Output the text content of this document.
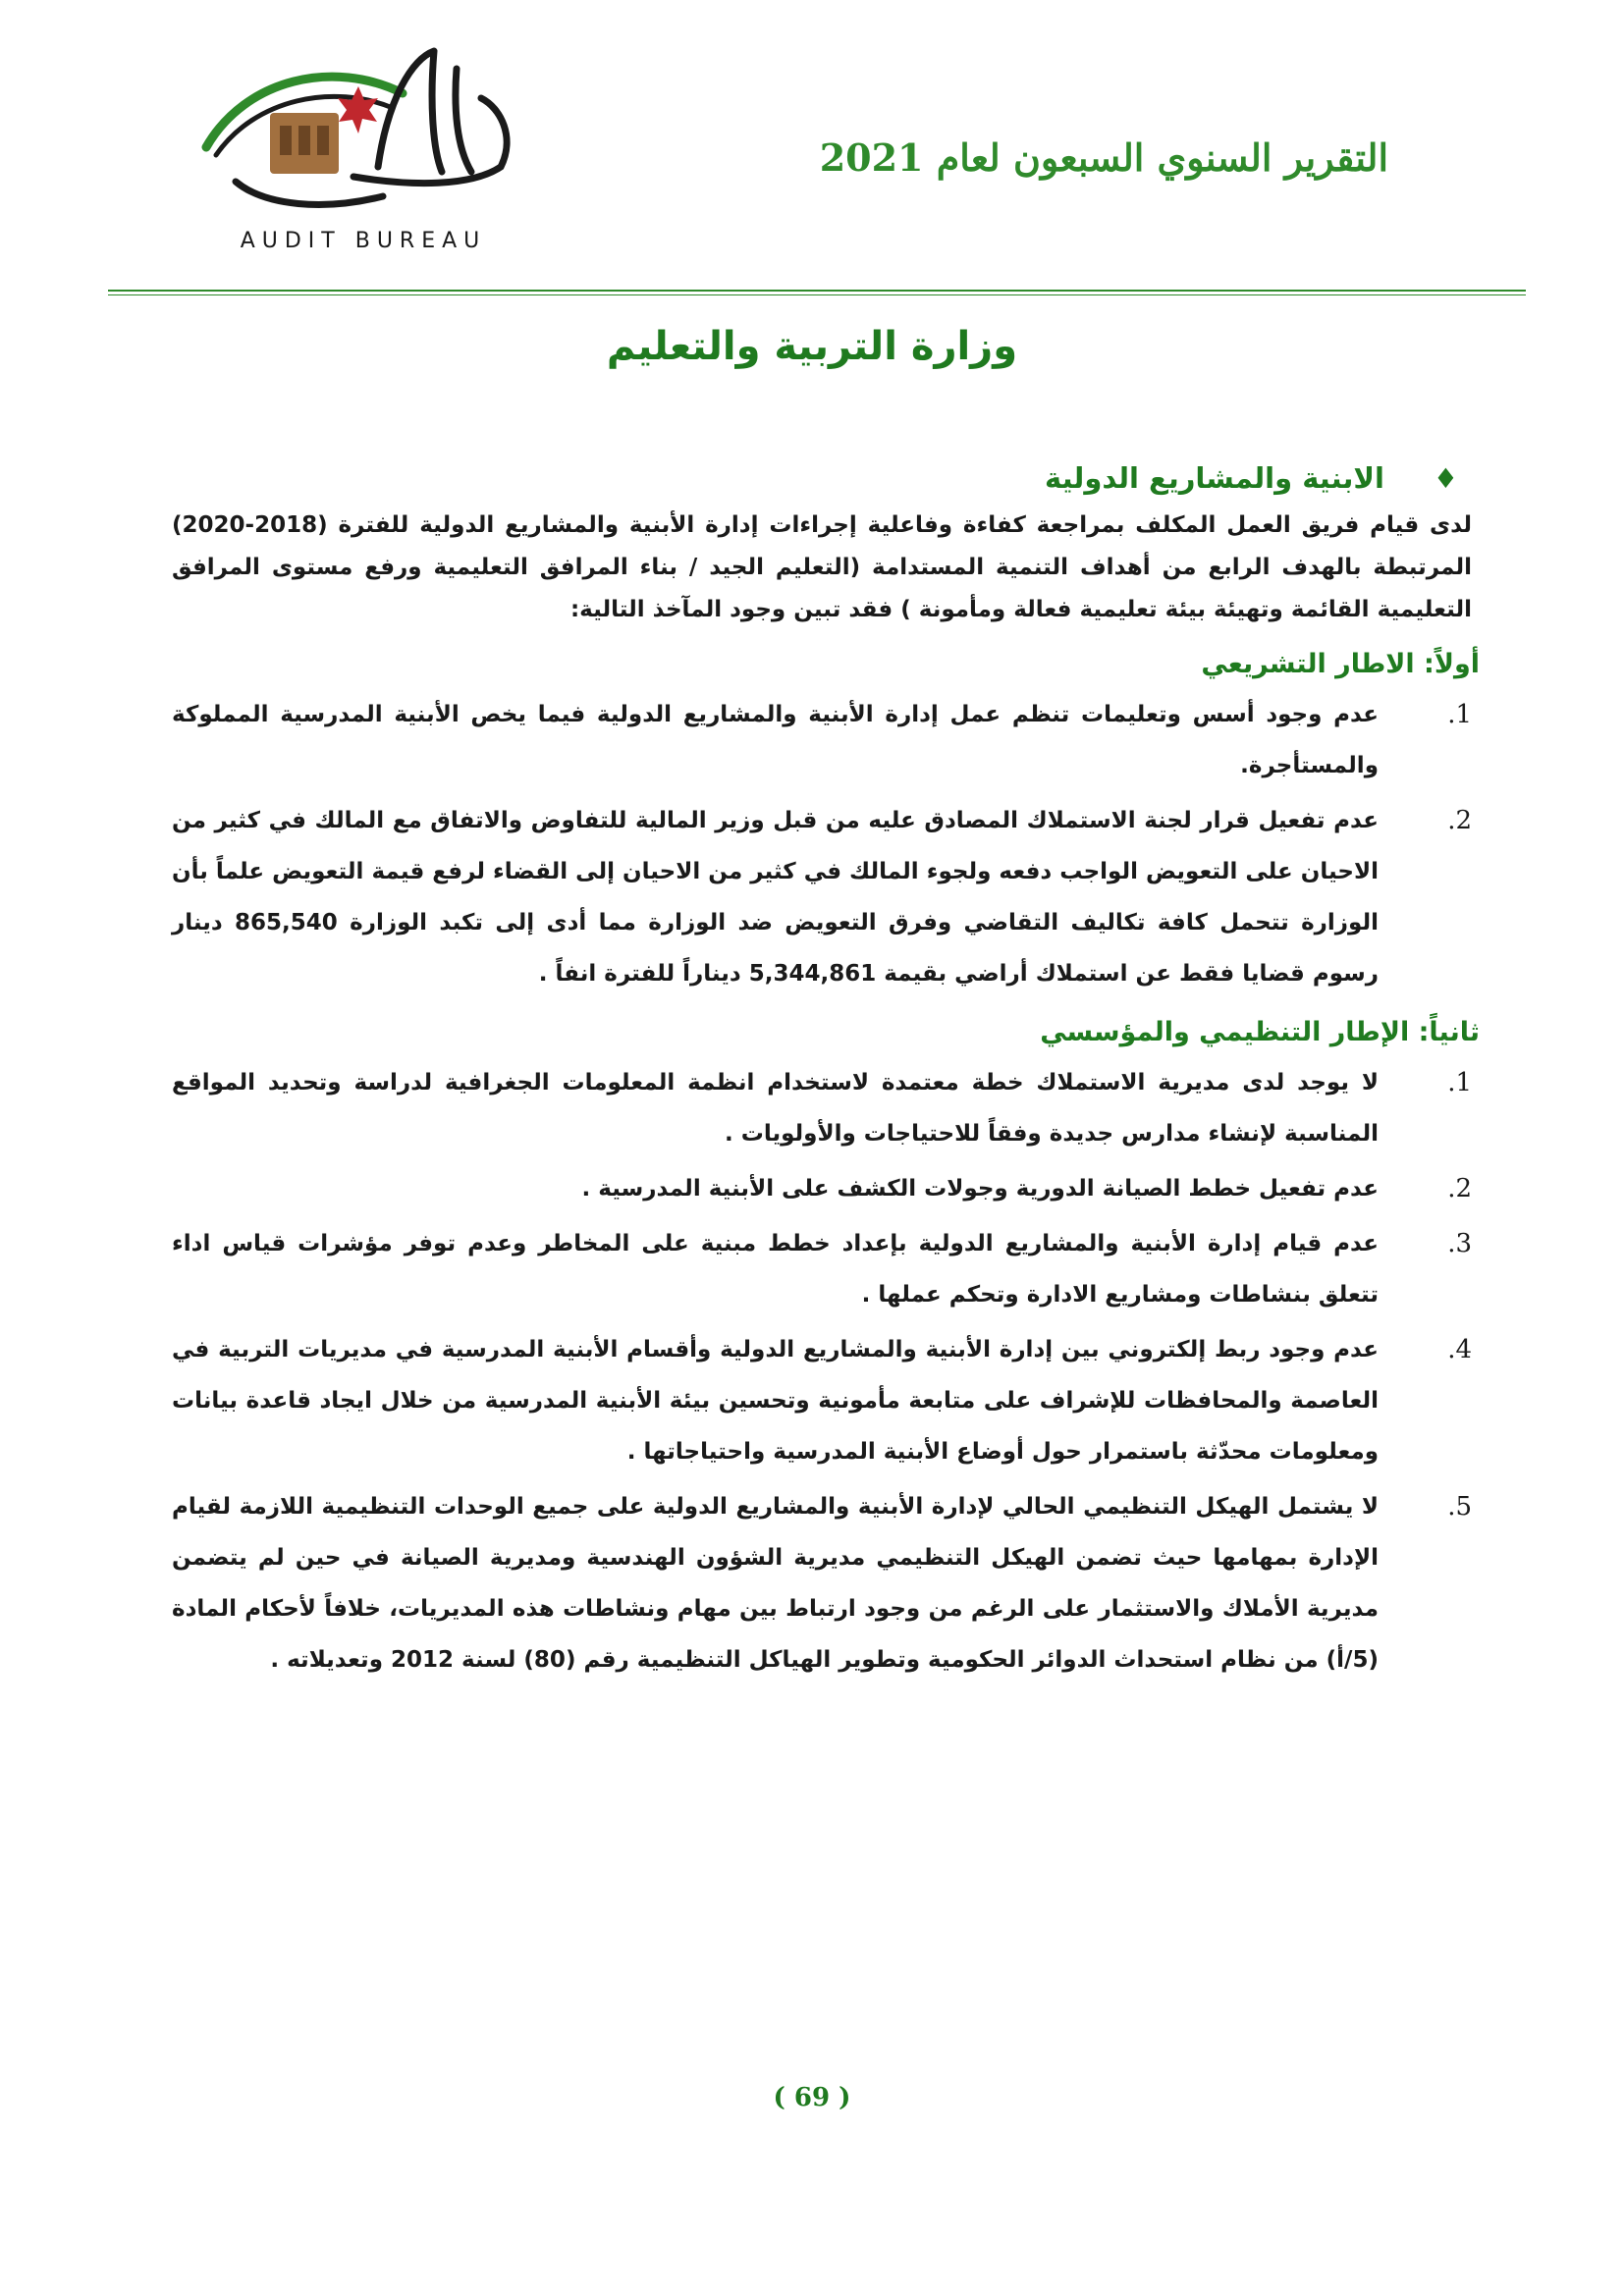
AUDIT BUREAU
التقرير السنوي السبعون لعام 2021
وزارة التربية والتعليم
♦
الابنية والمشاريع الدولية

لدى قيام فريق العمل المكلف بمراجعة كفاءة وفاعلية إجراءات إدارة الأبنية والمشاريع الدولية للفترة (2018-2020) المرتبطة بالهدف الرابع من أهداف التنمية المستدامة (التعليم الجيد / بناء المرافق التعليمية ورفع مستوى المرافق التعليمية القائمة وتهيئة بيئة تعليمية فعالة ومأمونة ) فقد تبين وجود المآخذ التالية:

أولاً: الاطار التشريعي
1.
عدم وجود أسس وتعليمات تنظم عمل إدارة الأبنية والمشاريع الدولية فيما يخص الأبنية المدرسية المملوكة والمستأجرة.
2.
عدم تفعيل قرار لجنة الاستملاك المصادق عليه من قبل وزير المالية للتفاوض والاتفاق مع المالك في كثير من الاحيان على التعويض الواجب دفعه ولجوء المالك في كثير من الاحيان إلى القضاء لرفع قيمة التعويض علماً بأن الوزارة تتحمل كافة تكاليف التقاضي وفرق التعويض ضد الوزارة مما أدى إلى تكبد الوزارة 865,540 دينار رسوم قضايا فقط عن استملاك أراضي بقيمة 5,344,861 ديناراً للفترة انفاً .
ثانياً: الإطار التنظيمي والمؤسسي
1.
لا يوجد لدى مديرية الاستملاك خطة معتمدة لاستخدام انظمة المعلومات الجغرافية لدراسة وتحديد المواقع المناسبة لإنشاء مدارس جديدة وفقاً للاحتياجات والأولويات .
2.
عدم تفعيل خطط الصيانة الدورية وجولات الكشف على الأبنية المدرسية .
3.
عدم قيام إدارة الأبنية والمشاريع الدولية بإعداد خطط مبنية على المخاطر وعدم توفر مؤشرات قياس اداء تتعلق بنشاطات ومشاريع الادارة وتحكم عملها .
4.
عدم وجود ربط إلكتروني بين إدارة الأبنية والمشاريع الدولية وأقسام الأبنية المدرسية في مديريات التربية في العاصمة والمحافظات للإشراف على متابعة مأمونية وتحسين بيئة الأبنية المدرسية من خلال ايجاد قاعدة بيانات ومعلومات محدّثة باستمرار حول أوضاع الأبنية المدرسية واحتياجاتها .
5.
لا يشتمل الهيكل التنظيمي الحالي لإدارة الأبنية والمشاريع الدولية على جميع الوحدات التنظيمية اللازمة لقيام الإدارة بمهامها حيث تضمن الهيكل التنظيمي مديرية الشؤون الهندسية ومديرية الصيانة في حين لم يتضمن مديرية الأملاك والاستثمار على الرغم من وجود ارتباط بين مهام ونشاطات هذه المديريات، خلافاً لأحكام المادة (5/أ) من نظام استحداث الدوائر الحكومية وتطوير الهياكل التنظيمية رقم (80) لسنة 2012 وتعديلاته .
( 69 )
